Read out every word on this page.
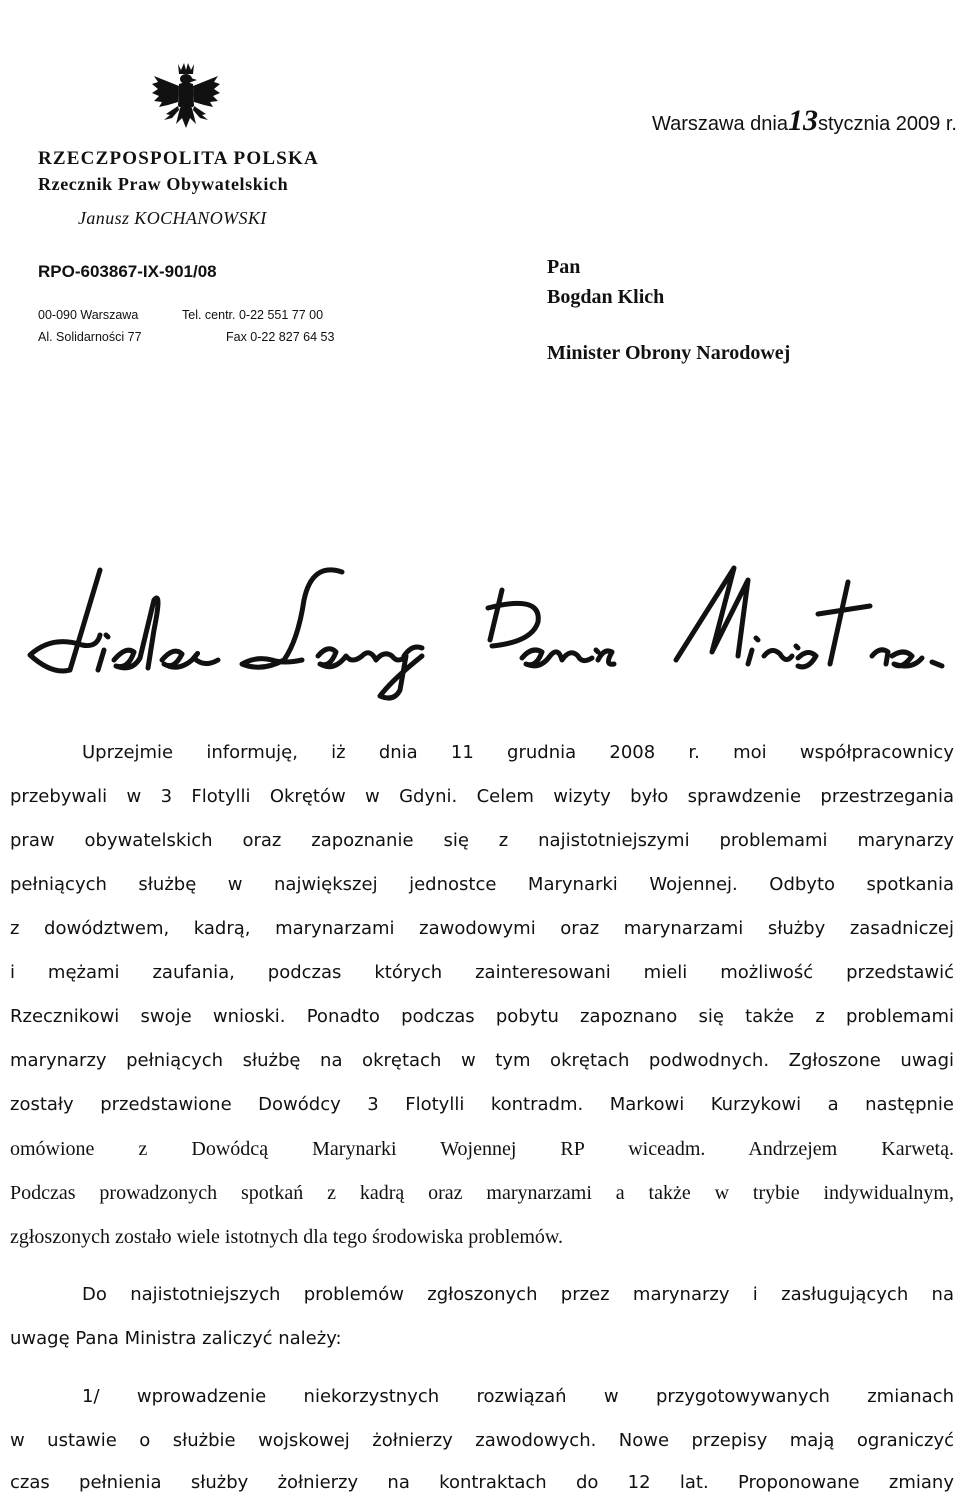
RZECZPOSPOLITA POLSKA
Rzecznik Praw Obywatelskich
Janusz KOCHANOWSKI
RPO-603867-IX-901/08
00-090 Warszawa	Tel. centr. 0-22 551 77 00
Al. Solidarności 77	Fax 0-22 827 64 53
Warszawa dnia13stycznia 2009 r.
Pan
Bogdan Klich
Minister Obrony Narodowej
Uprzejmie informuję, iż dnia 11 grudnia 2008 r. moi współpracownicy
przebywali w 3 Flotylli Okrętów w Gdyni. Celem wizyty było sprawdzenie przestrzegania
praw obywatelskich oraz zapoznanie się z najistotniejszymi problemami marynarzy
pełniących służbę w największej jednostce Marynarki Wojennej. Odbyto spotkania
z dowództwem, kadrą, marynarzami zawodowymi oraz marynarzami służby zasadniczej
i mężami zaufania, podczas których zainteresowani mieli możliwość przedstawić
Rzecznikowi swoje wnioski. Ponadto podczas pobytu zapoznano się także z problemami
marynarzy pełniących służbę na okrętach w tym okrętach podwodnych. Zgłoszone uwagi
zostały przedstawione Dowódcy 3 Flotylli kontradm. Markowi Kurzykowi a następnie
omówione z Dowódcą Marynarki Wojennej RP wiceadm. Andrzejem Karwetą.
Podczas prowadzonych spotkań z kadrą oraz marynarzami a także w trybie indywidualnym,
zgłoszonych zostało wiele istotnych dla tego środowiska problemów.
Do najistotniejszych problemów zgłoszonych przez marynarzy i zasługujących na
uwagę Pana Ministra zaliczyć należy:
1/ wprowadzenie niekorzystnych rozwiązań w przygotowywanych zmianach
w ustawie o służbie wojskowej żołnierzy zawodowych. Nowe przepisy mają ograniczyć
czas pełnienia służby żołnierzy na kontraktach do 12 lat. Proponowane zmiany
